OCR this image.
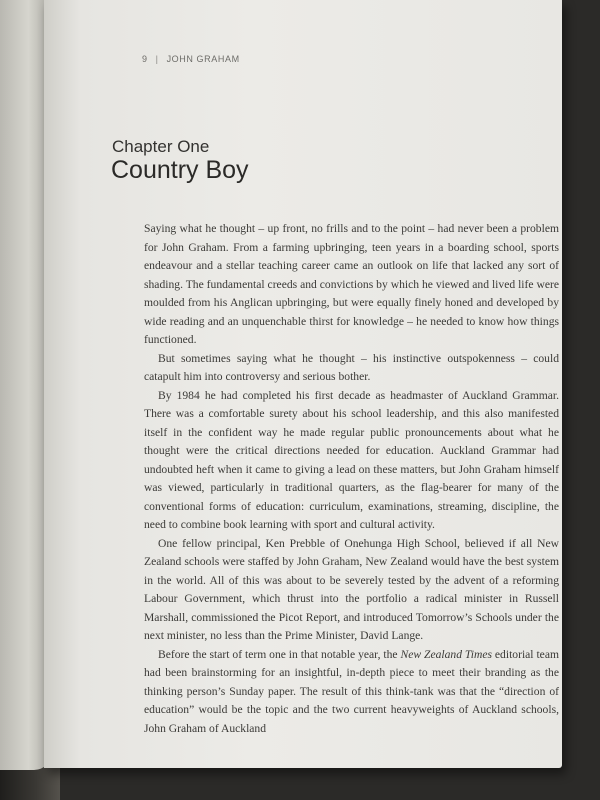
9 | JOHN GRAHAM
Chapter One
Country Boy

Saying what he thought – up front, no frills and to the point – had never been a problem for John Graham. From a farming upbringing, teen years in a boarding school, sports endeavour and a stellar teaching career came an outlook on life that lacked any sort of shading. The fundamental creeds and convictions by which he viewed and lived life were moulded from his Anglican upbringing, but were equally finely honed and developed by wide reading and an unquenchable thirst for knowledge – he needed to know how things functioned.

But sometimes saying what he thought – his instinctive outspokenness – could catapult him into controversy and serious bother.

By 1984 he had completed his first decade as headmaster of Auckland Grammar. There was a comfortable surety about his school leadership, and this also manifested itself in the confident way he made regular public pronouncements about what he thought were the critical directions needed for education. Auckland Grammar had undoubted heft when it came to giving a lead on these matters, but John Graham himself was viewed, particularly in traditional quarters, as the flag-bearer for many of the conventional forms of education: curriculum, examinations, streaming, discipline, the need to combine book learning with sport and cultural activity.

One fellow principal, Ken Prebble of Onehunga High School, believed if all New Zealand schools were staffed by John Graham, New Zealand would have the best system in the world. All of this was about to be severely tested by the advent of a reforming Labour Government, which thrust into the portfolio a radical minister in Russell Marshall, commissioned the Picot Report, and introduced Tomorrow’s Schools under the next minister, no less than the Prime Minister, David Lange.

Before the start of term one in that notable year, the New Zealand Times editorial team had been brainstorming for an insightful, in-depth piece to meet their branding as the thinking person’s Sunday paper. The result of this think-tank was that the “direction of education” would be the topic and the two current heavyweights of Auckland schools, John Graham of Auckland
